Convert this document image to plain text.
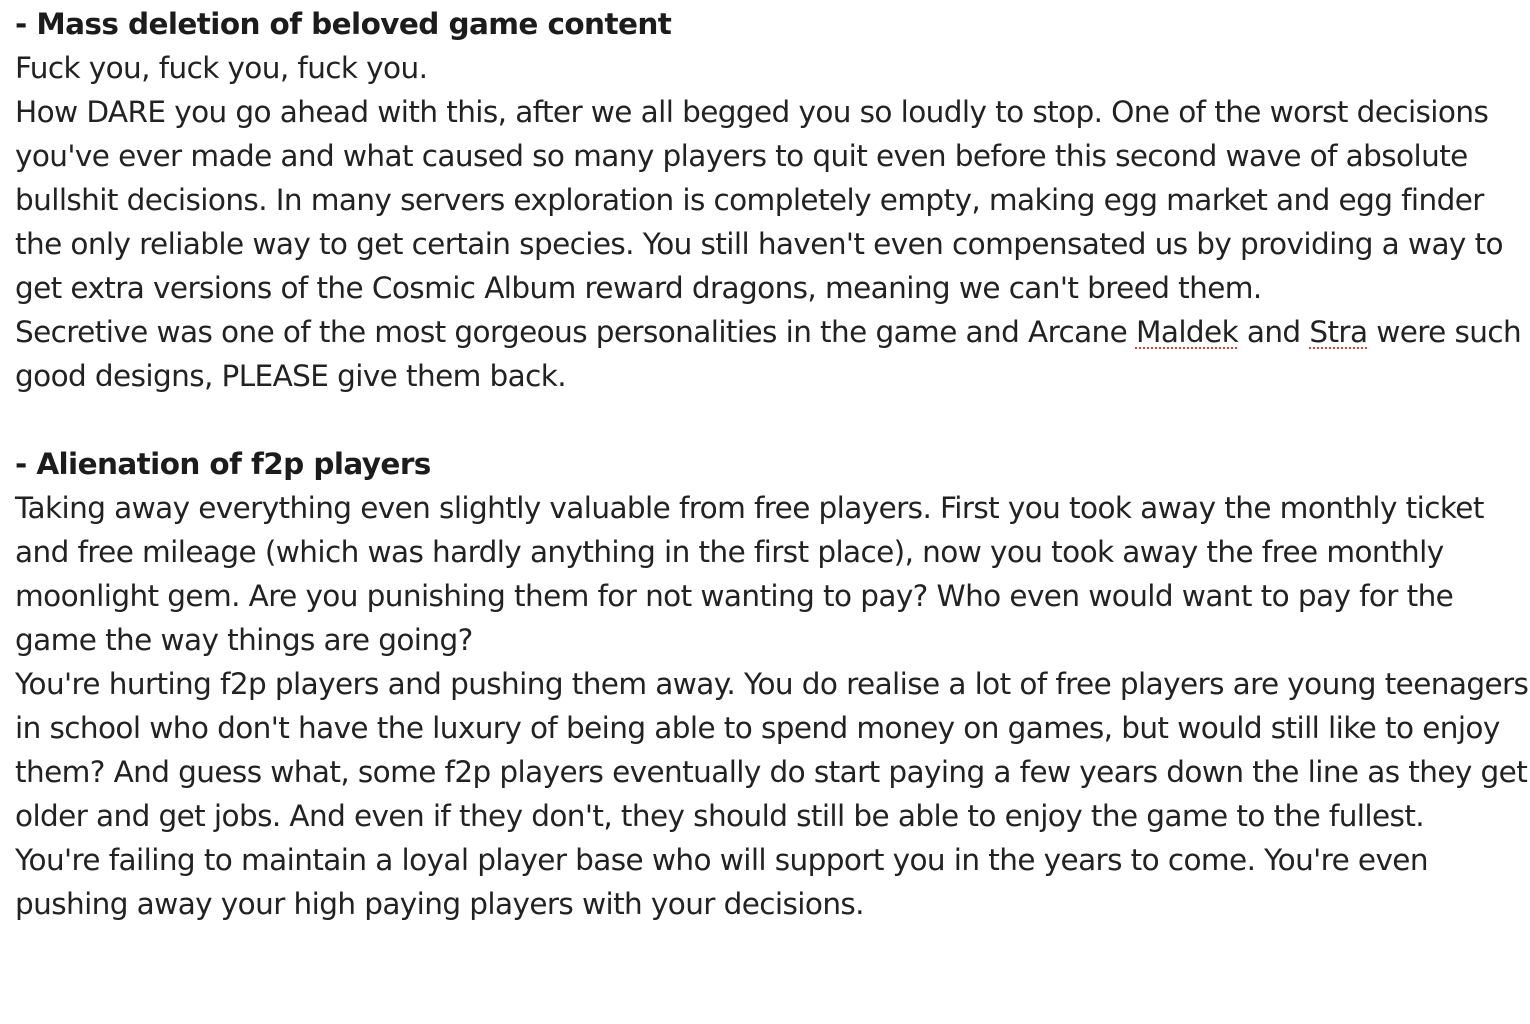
- Mass deletion of beloved game content
Fuck you, fuck you, fuck you.
How DARE you go ahead with this, after we all begged you so loudly to stop. One of the worst decisions you've ever made and what caused so many players to quit even before this second wave of absolute bullshit decisions. In many servers exploration is completely empty, making egg market and egg finder the only reliable way to get certain species. You still haven't even compensated us by providing a way to get extra versions of the Cosmic Album reward dragons, meaning we can't breed them.
Secretive was one of the most gorgeous personalities in the game and Arcane Maldek and Stra were such good designs, PLEASE give them back.
- Alienation of f2p players
Taking away everything even slightly valuable from free players. First you took away the monthly ticket and free mileage (which was hardly anything in the first place), now you took away the free monthly moonlight gem. Are you punishing them for not wanting to pay? Who even would want to pay for the game the way things are going?
You're hurting f2p players and pushing them away. You do realise a lot of free players are young teenagers in school who don't have the luxury of being able to spend money on games, but would still like to enjoy them? And guess what, some f2p players eventually do start paying a few years down the line as they get older and get jobs. And even if they don't, they should still be able to enjoy the game to the fullest.
You're failing to maintain a loyal player base who will support you in the years to come. You're even pushing away your high paying players with your decisions.
